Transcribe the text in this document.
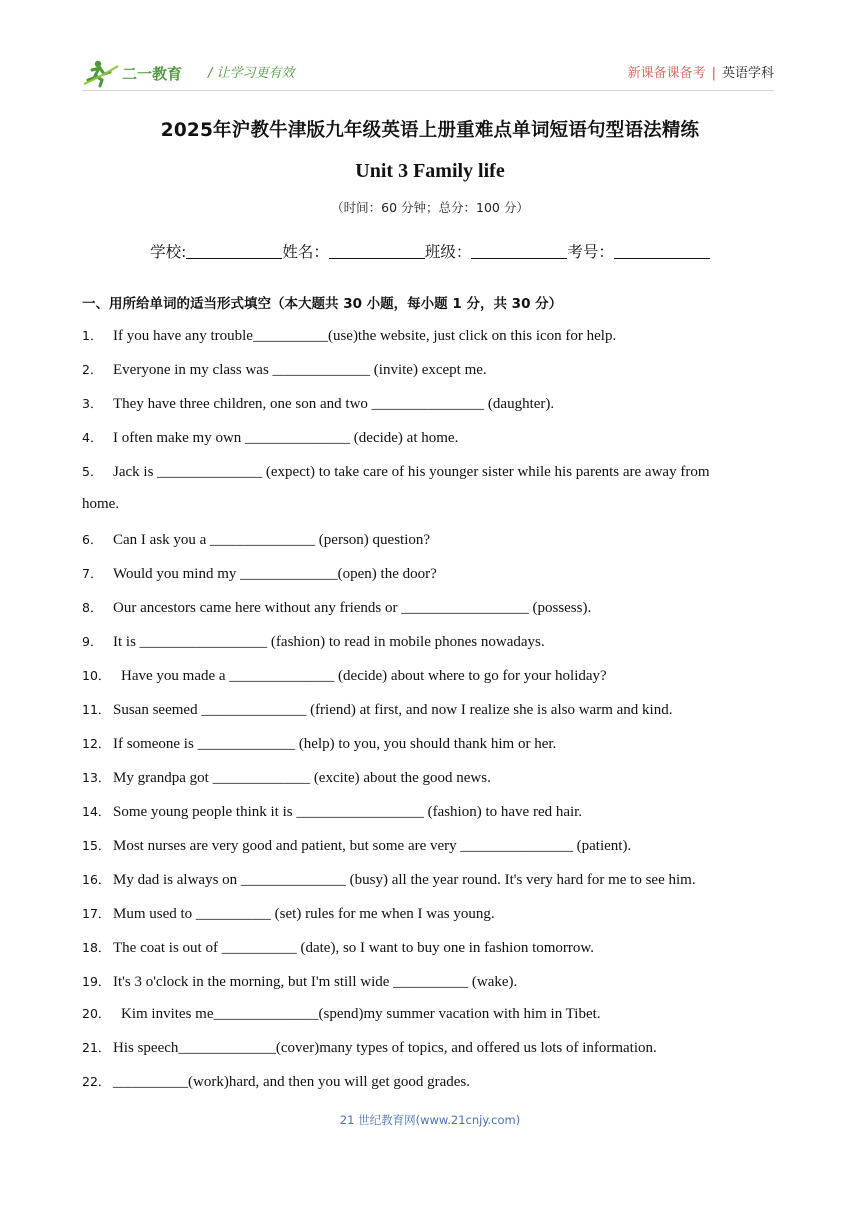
二一教育 / 让学习更有效	新课备课备考 | 英语学科
2025年沪教牛津版九年级英语上册重难点单词短语句型语法精练
Unit 3 Family life
（时间：60 分钟；总分：100 分）
学校:	姓名：	班级：	考号：
一、用所给单词的适当形式填空（本大题共 30 小题，每小题 1 分，共 30 分）
1． If you have any trouble__________(use)the website, just click on this icon for help.
2． Everyone in my class was _____________ (invite) except me.
3． They have three children, one son and two _______________ (daughter).
4． I often make my own ______________ (decide) at home.
5． Jack is ______________ (expect) to take care of his younger sister while his parents are away from
6． Can I ask you a ______________ (person) question?
7． Would you mind my _____________(open) the door?
8． Our ancestors came here without any friends or _________________ (possess).
9． It is _________________ (fashion) to read in mobile phones nowadays.
10． Have you made a ______________ (decide) about where to go for your holiday?
11． Susan seemed ______________ (friend) at first, and now I realize she is also warm and kind.
12． If someone is _____________ (help) to you, you should thank him or her.
13． My grandpa got _____________ (excite) about the good news.
14． Some young people think it is _________________ (fashion) to have red hair.
15． Most nurses are very good and patient, but some are very _______________ (patient).
16． My dad is always on ______________ (busy) all the year round. It's very hard for me to see him.
17． Mum used to __________ (set) rules for me when I was young.
18． The coat is out of __________ (date), so I want to buy one in fashion tomorrow.
19． It's 3 o'clock in the morning, but I'm still wide __________ (wake).
20． Kim invites me______________(spend)my summer vacation with him in Tibet.
21． His speech_____________(cover)many types of topics, and offered us lots of information.
22． __________(work)hard, and then you will get good grades.
home.
21 世纪教育网(www.21cnjy.com)
